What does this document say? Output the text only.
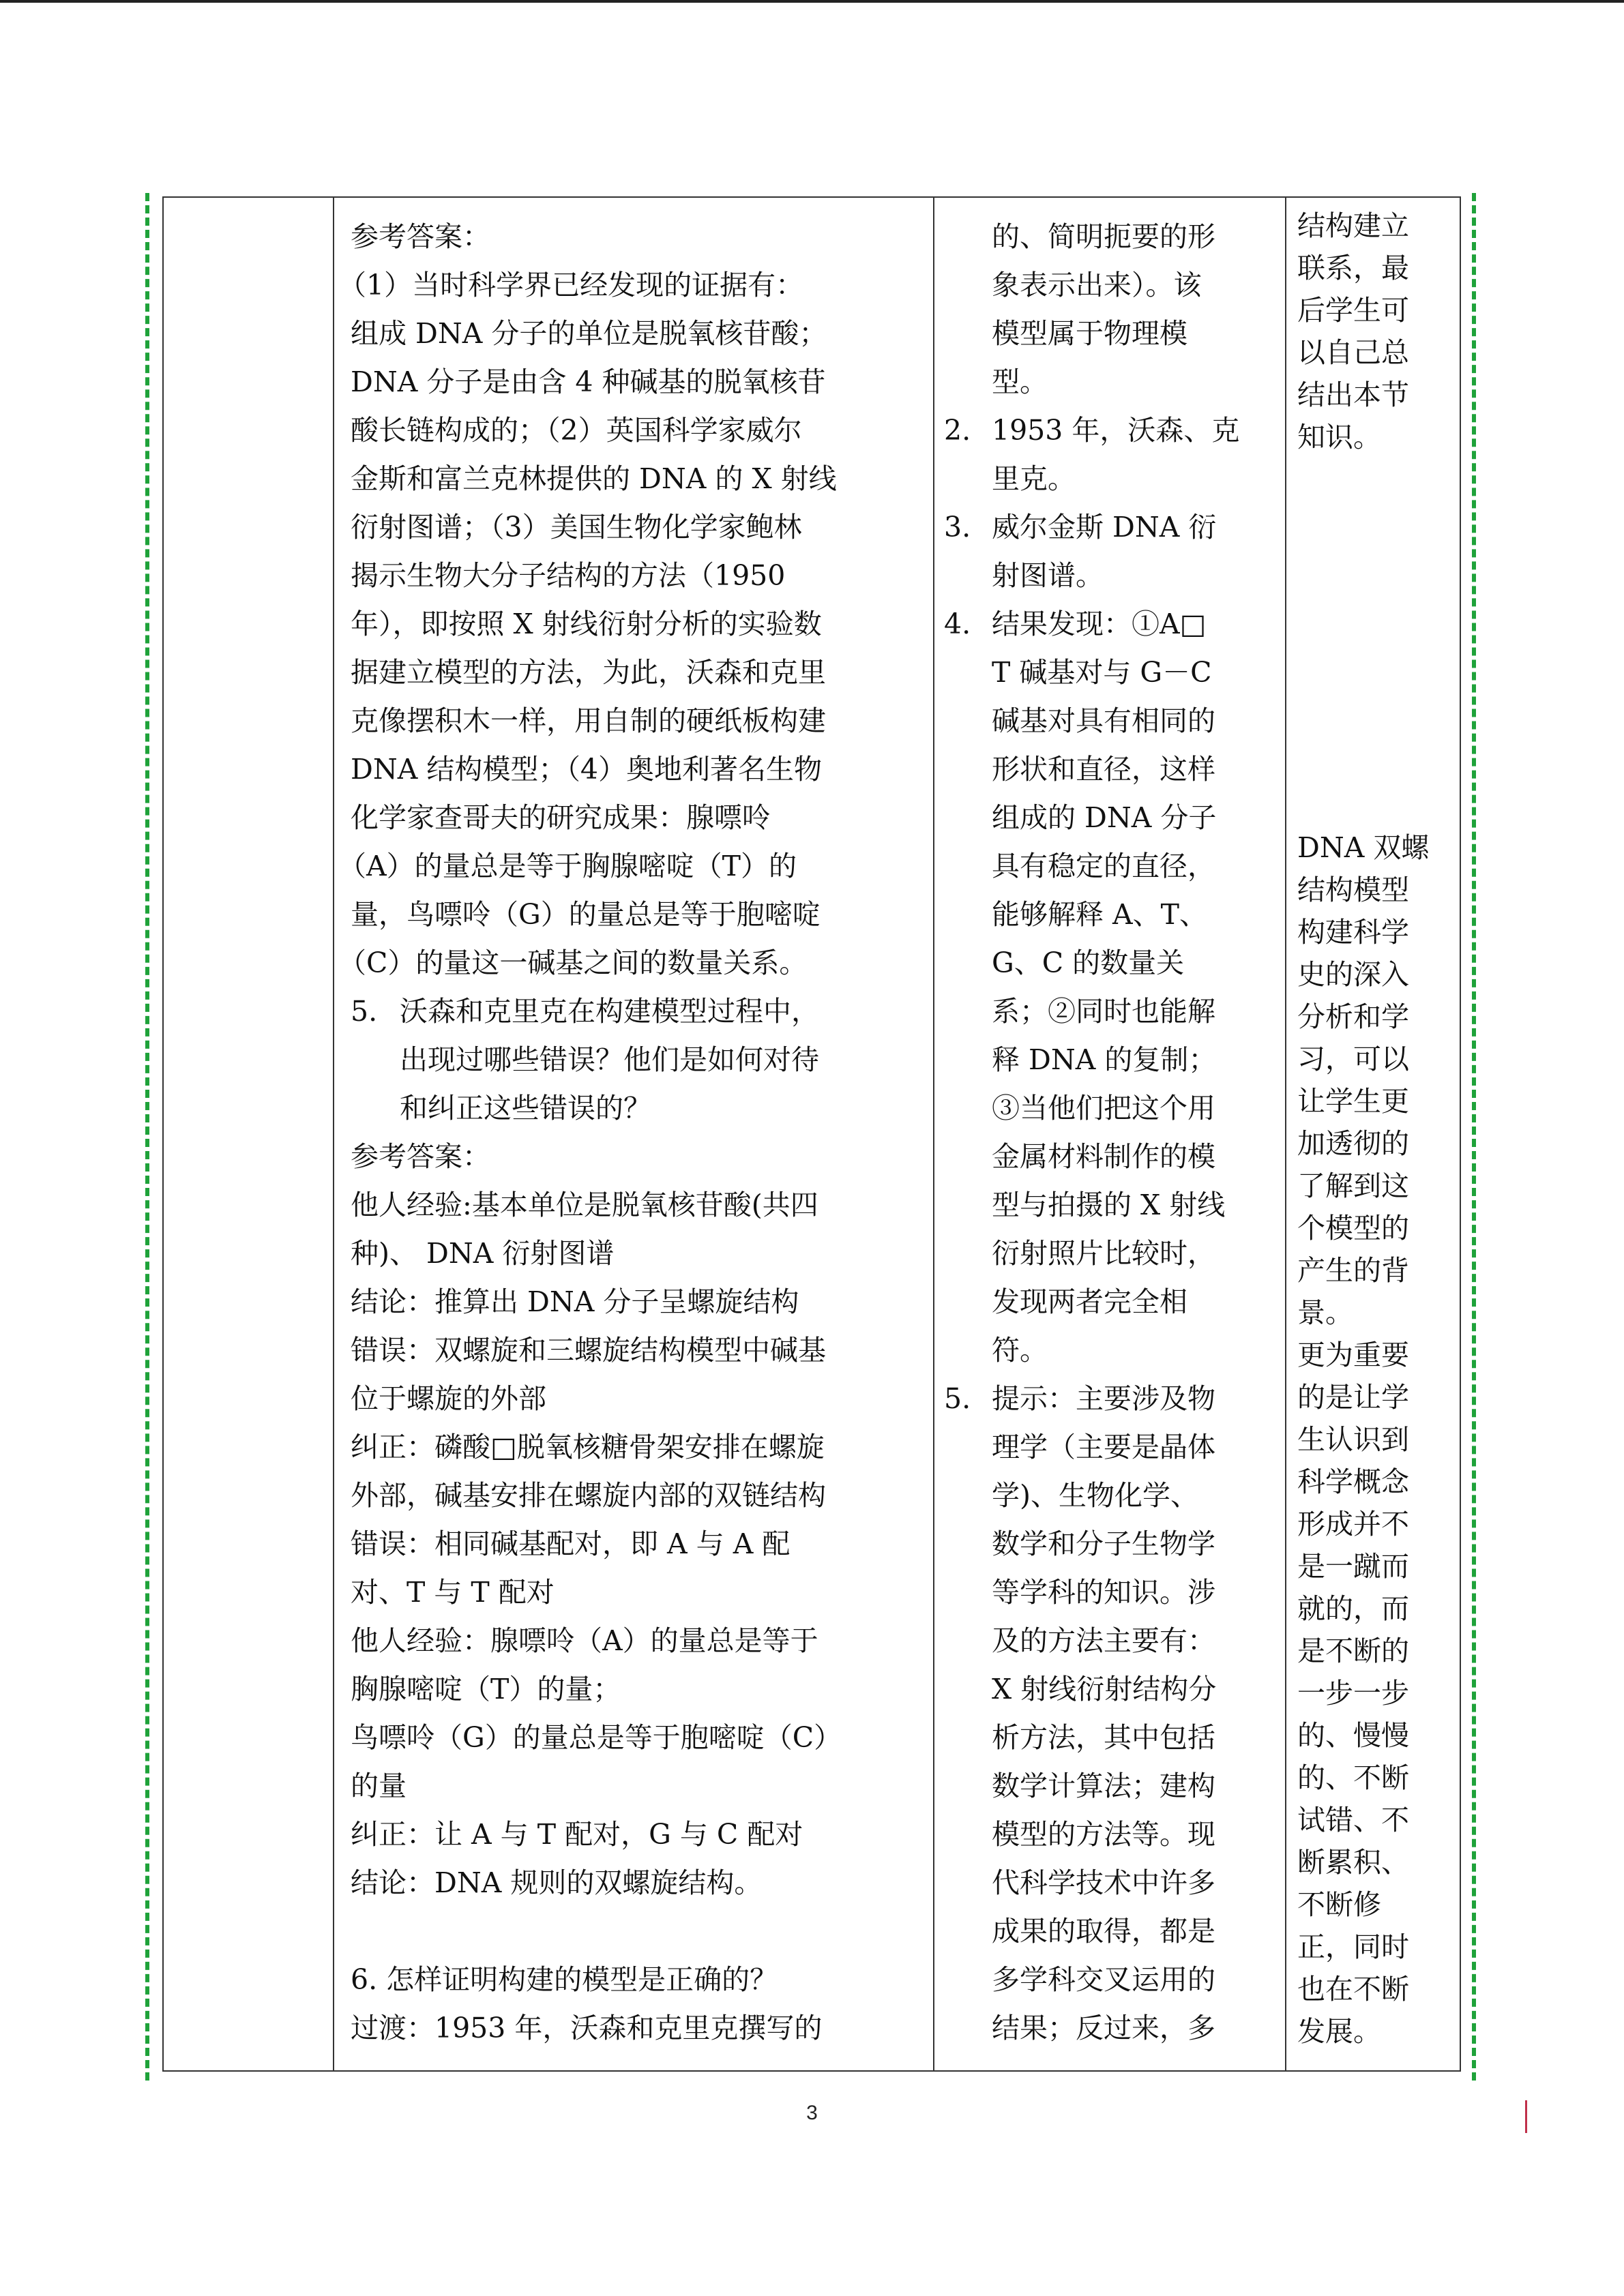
参考答案：
（1）当时科学界已经发现的证据有：
组成 DNA 分子的单位是脱氧核苷酸；
DNA 分子是由含 4 种碱基的脱氧核苷
酸长链构成的；（2）英国科学家威尔
金斯和富兰克林提供的 DNA 的 X 射线
衍射图谱；（3）美国生物化学家鲍林
揭示生物大分子结构的方法（1950
年），即按照 X 射线衍射分析的实验数
据建立模型的方法，为此，沃森和克里
克像摆积木一样，用自制的硬纸板构建
DNA 结构模型；（4）奥地利著名生物
化学家查哥夫的研究成果：腺嘌呤
（A）的量总是等于胸腺嘧啶（T）的
量，鸟嘌呤（G）的量总是等于胞嘧啶
（C）的量这一碱基之间的数量关系。
5. 沃森和克里克在构建模型过程中，
出现过哪些错误？他们是如何对待
和纠正这些错误的？
参考答案：
他人经验:基本单位是脱氧核苷酸(共四
种)、 DNA 衍射图谱
结论：推算出 DNA 分子呈螺旋结构
错误：双螺旋和三螺旋结构模型中碱基
位于螺旋的外部
纠正：磷酸□脱氧核糖骨架安排在螺旋
外部，碱基安排在螺旋内部的双链结构
错误：相同碱基配对，即 A 与 A 配
对、T 与 T 配对
他人经验：腺嘌呤（A）的量总是等于
胸腺嘧啶（T）的量；
鸟嘌呤（G）的量总是等于胞嘧啶（C）
的量
纠正：让 A 与 T 配对，G 与 C 配对
结论：DNA 规则的双螺旋结构。
6. 怎样证明构建的模型是正确的？
过渡：1953 年，沃森和克里克撰写的

的、简明扼要的形
象表示出来）。该
模型属于物理模
型。
2. 1953 年，沃森、克
里克。
3. 威尔金斯 DNA 衍
射图谱。
4. 结果发现：①A□
T 碱基对与 G－C
碱基对具有相同的
形状和直径，这样
组成的 DNA 分子
具有稳定的直径，
能够解释 A、T、
G、C 的数量关
系；②同时也能解
释 DNA 的复制；
③当他们把这个用
金属材料制作的模
型与拍摄的 X 射线
衍射照片比较时，
发现两者完全相
符。
5. 提示：主要涉及物
理学（主要是晶体
学)、生物化学、
数学和分子生物学
等学科的知识。涉
及的方法主要有：
X 射线衍射结构分
析方法，其中包括
数学计算法；建构
模型的方法等。现
代科学技术中许多
成果的取得，都是
多学科交叉运用的
结果；反过来，多

结构建立
联系，最
后学生可
以自己总
结出本节
知识。
DNA 双螺
结构模型
构建科学
史的深入
分析和学
习，可以
让学生更
加透彻的
了解到这
个模型的
产生的背
景。
更为重要
的是让学
生认识到
科学概念
形成并不
是一蹴而
就的，而
是不断的
一步一步
的、慢慢
的、不断
试错、不
断累积、
不断修
正，同时
也在不断
发展。
3
